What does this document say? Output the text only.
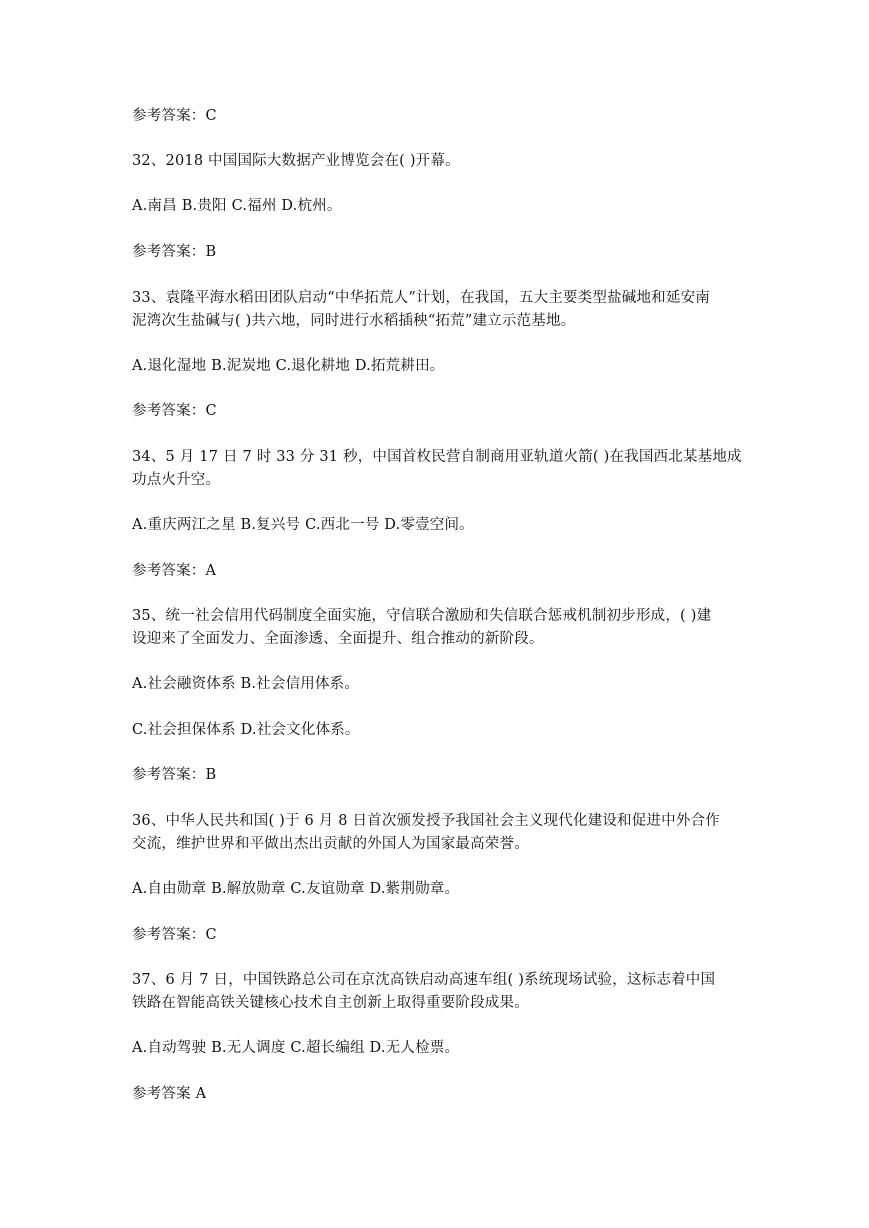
参考答案：C
32、2018 中国国际大数据产业博览会在( )开幕。
A.南昌 B.贵阳 C.福州 D.杭州。
参考答案：B
33、袁隆平海水稻田团队启动“中华拓荒人”计划，在我国，五大主要类型盐碱地和延安南
泥湾次生盐碱与( )共六地，同时进行水稻插秧“拓荒”建立示范基地。
A.退化湿地 B.泥炭地 C.退化耕地 D.拓荒耕田。
参考答案：C
34、5 月 17 日 7 时 33 分 31 秒，中国首枚民营自制商用亚轨道火箭( )在我国西北某基地成
功点火升空。
A.重庆两江之星 B.复兴号 C.西北一号 D.零壹空间。
参考答案：A
35、统一社会信用代码制度全面实施，守信联合激励和失信联合惩戒机制初步形成，( )建
设迎来了全面发力、全面渗透、全面提升、组合推动的新阶段。
A.社会融资体系 B.社会信用体系。
C.社会担保体系 D.社会文化体系。
参考答案：B
36、中华人民共和国( )于 6 月 8 日首次颁发授予我国社会主义现代化建设和促进中外合作
交流，维护世界和平做出杰出贡献的外国人为国家最高荣誉。
A.自由勋章 B.解放勋章 C.友谊勋章 D.紫荆勋章。
参考答案：C
37、6 月 7 日，中国铁路总公司在京沈高铁启动高速车组( )系统现场试验，这标志着中国
铁路在智能高铁关键核心技术自主创新上取得重要阶段成果。
A.自动驾驶 B.无人调度 C.超长编组 D.无人检票。
参考答案 A
